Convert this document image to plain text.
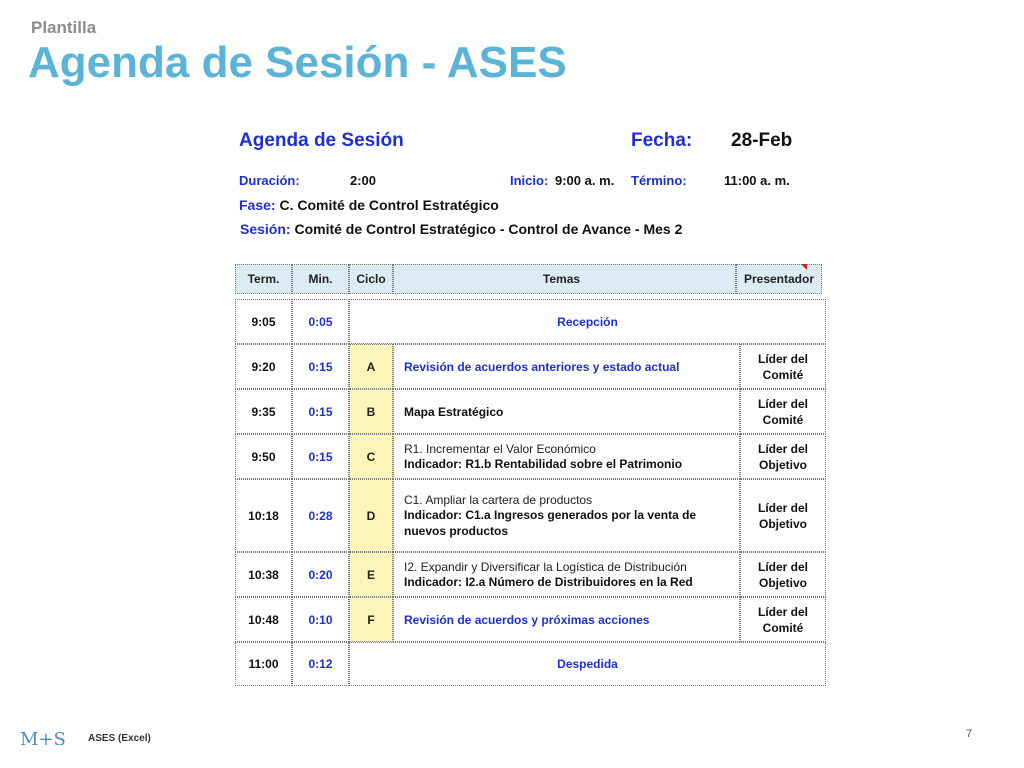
Plantilla
Agenda de Sesión - ASES
Agenda de Sesión	Fecha: 28-Feb
Duración:	2:00	Inicio: 9:00 a. m. Término:	11:00 a. m.
Fase: C. Comité de Control Estratégico
Sesión: Comité de Control Estratégico - Control de Avance - Mes 2
Term.	Min.	Ciclo	Temas	Presentador
9:05	0:05	Recepción		
9:20	0:15	A	Revisión de acuerdos anteriores y estado actual	Líder del
Comité
9:35	0:15	B	Mapa Estratégico	Líder del
Comité
9:50	0:15	C	R1. Incrementar el Valor Económico
Indicador: R1.b Rentabilidad sobre el Patrimonio	Líder del
Objetivo
10:18	0:28	D	C1. Ampliar la cartera de productos
Indicador: C1.a Ingresos generados por la venta de nuevos productos	Líder del
Objetivo
10:38	0:20	E	I2. Expandir y Diversificar la Logística de Distribución
Indicador: I2.a Número de Distribuidores en la Red	Líder del
Objetivo
10:48	0:10	F	Revisión de acuerdos y próximas acciones	Líder del
Comité
11:00	0:12	Despedida		
M+S ASES (Excel)	7
